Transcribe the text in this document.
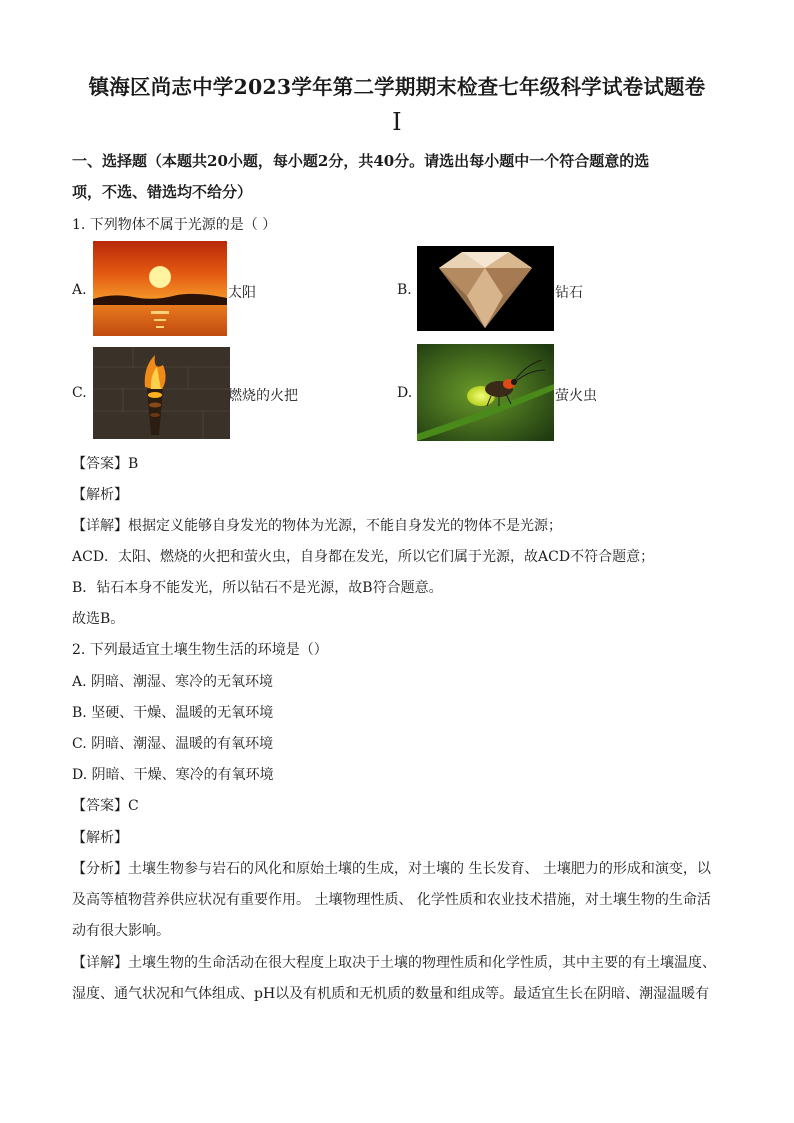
镇海区尚志中学2023学年第二学期期末检查七年级科学试卷试题卷
Ⅰ
一、选择题（本题共20小题，每小题2分，共40分。请选出每小题中一个符合题意的选
项，不选、错选均不给分）
1. 下列物体不属于光源的是（ ）
A.	太阳	B.	钻石
C.	燃烧的火把	D.	萤火虫
【答案】B
【解析】
【详解】根据定义能够自身发光的物体为光源，不能自身发光的物体不是光源；
ACD．太阳、燃烧的火把和萤火虫，自身都在发光，所以它们属于光源，故ACD不符合题意；
B．钻石本身不能发光，所以钻石不是光源，故B符合题意。
故选B。
2. 下列最适宜土壤生物生活的环境是（）
A. 阴暗、潮湿、寒冷的无氧环境
B. 坚硬、干燥、温暖的无氧环境
C. 阴暗、潮湿、温暖的有氧环境
D. 阴暗、干燥、寒冷的有氧环境
【答案】C
【解析】
【分析】土壤生物参与岩石的风化和原始土壤的生成，对土壤的 生长发育、 土壤肥力的形成和演变，以
及高等植物营养供应状况有重要作用。 土壤物理性质、 化学性质和农业技术措施，对土壤生物的生命活
动有很大影响。
【详解】土壤生物的生命活动在很大程度上取决于土壤的物理性质和化学性质，其中主要的有土壤温度、
湿度、通气状况和气体组成、pH以及有机质和无机质的数量和组成等。最适宜生长在阴暗、潮湿温暖有
